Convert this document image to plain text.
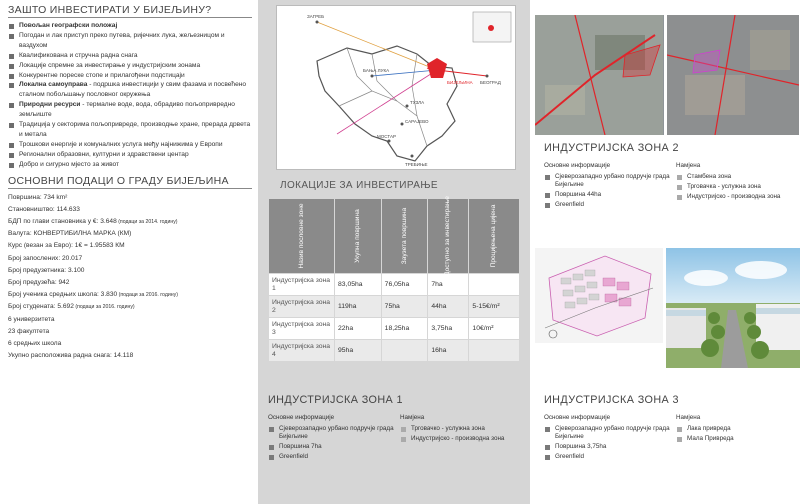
ЗАШТО ИНВЕСТИРАТИ У БИЈЕЉИНУ?
Повољан географски положај
Погодан и лак приступ преко путева, ријечних лука, жељезницом и ваздухом
Квалификована и стручна радна снага
Локације спремне за инвестирање у индустријским зонама
Конкурентне пореске стопе и прилагођени подстицаји
Локална самоуправа - подршка инвестицији у свим фазама и посвећено сталном побољшању пословног окружења
Природни ресурси - термалне воде, вода, обрадиво пољопривредно земљиште
Традиција у секторима пољопривреде, производње хране, прерада дрвета и метала
Трошкови енергије и комуналних услуга међу најнижима у Европи
Регионални образовни, културни и здравствени центар
Добро и сигурно мјесто за живот
ОСНОВНИ ПОДАЦИ О ГРАДУ БИЈЕЉИНА
Површина: 734 km²
Становништво: 114.633
БДП по глави становника у €: 3.648 (подаци за 2014. годину)
Валута: КОНВЕРТИБИЛНА МАРКА (КМ)
Курс (везан за Евро): 1€ = 1.95583 КМ
Број запослених: 20.017
Број предузетника: 3.100
Број предузећа: 942
Број ученика средњих школа: 3.830 (подаци за 2016. годину)
Број студената: 5.692 (подаци за 2016. годину)
6 универзитета
23 факултета
6 средњих школа
Укупно расположива радна снага: 14.118
ЗАГРЕБ
БЕОГРАД
БАЊА ЛУКА
ТУЗЛА
САРАЈЕВО
МОСТАР
ТРЕБИЊЕ
БИЈЕЉИНА
ЛОКАЦИЈЕ ЗА ИНВЕСТИРАЊЕ
Назив пословне зоне	Укупна површина	Заузета површина	Доступно за инвестирање	Процијењена цијена

Индустријска зона 1	83,05ha	76,05ha	7ha	
Индустријска зона 2	119ha	75ha	44ha	5-15€/m²
Индустријска зона 3	22ha	18,25ha	3,75ha	10€/m²
Индустријска зона 4	95ha		16ha	
ИНДУСТРИЈСКА ЗОНА 1
Основне информације
Сјеверозападно урбано подручје града Бијељине
Површина 7ha
Greenfield
Намјена
Трговачко - услужна зона
Индустријско - производна зона
ИНДУСТРИЈСКА ЗОНА 2
Основне информације
Сјеверозападно урбано подручје града Бијељине
Површина 44ha
Greenfield
Намјена
Стамбена зона
Трговачка - услужна зона
Индустријско - производна зона
ИНДУСТРИЈСКА ЗОНА 3
Основне информације
Сјеверозападно урбано подручје града Бијељине
Површина 3,75ha
Greenfield
Намјена
Лака привреда
Мала Привреда
